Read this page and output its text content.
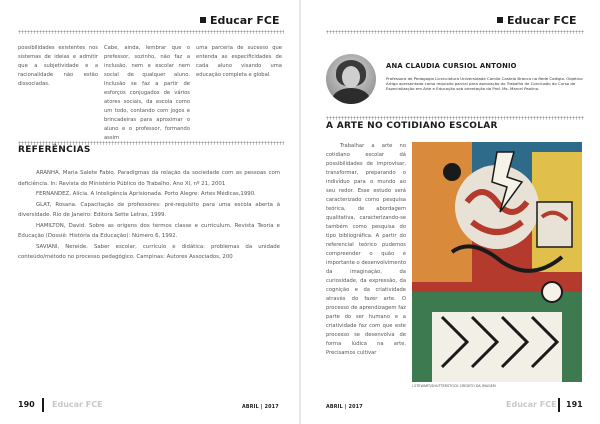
Educar FCE

possibilidades existentes nos sistemas de ideias e admitir que a subjetividade e a racionalidade não estão dissociadas.

Cabe, ainda, lembrar que o prefessor, sozinho, não faz a inclusão, nem e escolar nem social de qualquer aluno. Inclusão se faz a partir de esforços conjugados de vários atores sociais, da escola como um todo, contando com jogos e brincadeiras para aproximar o aluno e o professor, formando assim

uma parceria de sucesso que entenda as especificidades de cada aluno visando uma educação completa e global.

REFERÊNCIAS

ARANHA, Maria Salete Fabio. Paradigmas da relação da sociedade com as pessoas com deficiência. In: Revista do Ministério Público do Trabalho, Ano XI, nº 21, 2001

FERNANDEZ, Alícia. A Inteligência Aprisionada. Porto Alegre: Artes Médicas,1990.

GLAT, Rosana. Capacitação de professores: pré-requisito para uma escola aberta à diversidade. Rio de Janeiro: Editora Sette Letras, 1999.

HAMILTON, David. Sobre as origens dos termos classe e curriculum. Revista Teoria e Educação (Dossiê: História da Educação): Número 6, 1992.

SAVIANI, Nereide. Saber escolar, currículo e didática: problemas da unidade conteúdo/método no processo pedagógico. Campinas: Autores Associados, 200

190 Educar FCE	ABRIL | 2017
Educar FCE
ANA CLAUDIA CURSIOL ANTONIO
Professora de Pedagogia Licenciatura Universidade Camilo Castelo Branco na Rede Colégio. Objetivo Artigo apresentado como requisito parcial para aprovação do Trabalho de Conclusão do Curso de Especialização em Arte e Educação sob orientação do Prof. Ms. Marcel Paolino.
A ARTE NO COTIDIANO ESCOLAR

Trabalhar a arte no cotidiano escolar dá possibilidades de improvisar, transformar, preparando o indivíduo para o mundo ao seu redor. Esse estudo será caracterizado como pesquisa teórica, de abordagem qualitativa, caracterizando-se também como pesquisa do tipo bibliográfica. A partir do referencial teórico pudemos compreender o quão é importante o desenvolvimento da imaginação, da curiosidade, da expressão, da cognição e da criatividade através do fazer arte. O processo de aprendizagem faz parte do ser humano e a criatividade faz com que este processo se desenvolva de forma lúdica na arte. Precisamos cultivar

I.STEWART/SHUTTERSTOCK CREDITO DA IMAGEM
ABRIL | 2017	Educar FCE 191
